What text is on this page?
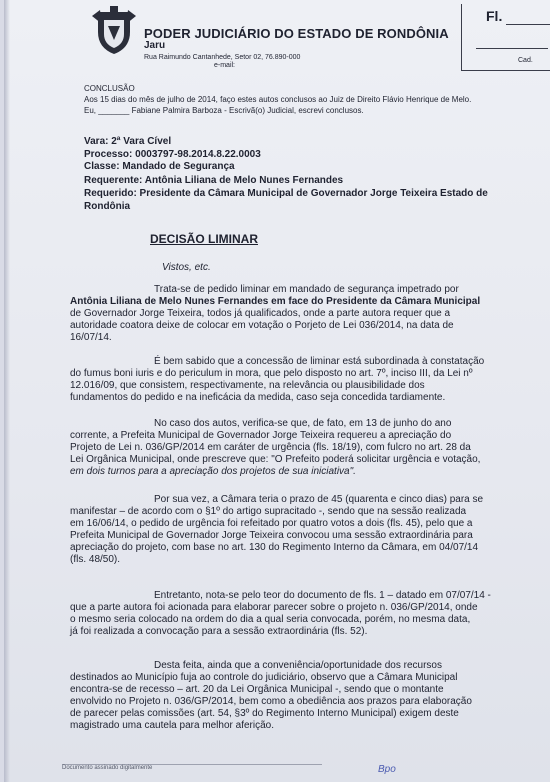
PODER JUDICIÁRIO DO ESTADO DE RONDÔNIA
Jaru
Rua Raimundo Cantanhede, Setor 02, 76.890-000
e-mail:
Fl.
Cad.
CONCLUSÃO
Aos 15 dias do mês de julho de 2014, faço estes autos conclusos ao Juiz de Direito Flávio Henrique de Melo.
Eu, _______ Fabiane Palmira Barboza - Escrivã(o) Judicial, escrevi conclusos.
Vara: 2ª Vara Cível
Processo: 0003797-98.2014.8.22.0003
Classe: Mandado de Segurança
Requerente: Antônia Liliana de Melo Nunes Fernandes
Requerido: Presidente da Câmara Municipal de Governador Jorge Teixeira Estado de
Rondônia
DECISÃO LIMINAR
Vistos, etc.
Trata-se de pedido liminar em mandado de segurança impetrado por
Antônia Liliana de Melo Nunes Fernandes em face do Presidente da Câmara Municipal
de Governador Jorge Teixeira, todos já qualificados, onde a parte autora requer que a
autoridade coatora deixe de colocar em votação o Porjeto de Lei 036/2014, na data de
16/07/14.
É bem sabido que a concessão de liminar está subordinada à constatação
do fumus boni iuris e do periculum in mora, que pelo disposto no art. 7º, inciso III, da Lei nº
12.016/09, que consistem, respectivamente, na relevância ou plausibilidade dos
fundamentos do pedido e na ineficácia da medida, caso seja concedida tardiamente.
No caso dos autos, verifica-se que, de fato, em 13 de junho do ano
corrente, a Prefeita Municipal de Governador Jorge Teixeira requereu a apreciação do
Projeto de Lei n. 036/GP/2014 em caráter de urgência (fls. 18/19), com fulcro no art. 28 da
Lei Orgânica Municipal, onde prescreve que: "O Prefeito poderá solicitar urgência e votação,
em dois turnos para a apreciação dos projetos de sua iniciativa".
Por sua vez, a Câmara teria o prazo de 45 (quarenta e cinco dias) para se
manifestar – de acordo com o §1º do artigo supracitado -, sendo que na sessão realizada
em 16/06/14, o pedido de urgência foi refeitado por quatro votos a dois (fls. 45), pelo que a
Prefeita Municipal de Governador Jorge Teixeira convocou uma sessão extraordinária para
apreciação do projeto, com base no art. 130 do Regimento Interno da Câmara, em 04/07/14
(fls. 48/50).
Entretanto, nota-se pelo teor do documento de fls. 1 – datado em 07/07/14 -
que a parte autora foi acionada para elaborar parecer sobre o projeto n. 036/GP/2014, onde
o mesmo seria colocado na ordem do dia a qual seria convocada, porém, no mesma data,
já foi realizada a convocação para a sessão extraordinária (fls. 52).
Desta feita, ainda que a conveniência/oportunidade dos recursos
destinados ao Município fuja ao controle do judiciário, observo que a Câmara Municipal
encontra-se de recesso – art. 20 da Lei Orgânica Municipal -, sendo que o montante
envolvido no Projeto n. 036/GP/2014, bem como a obediência aos prazos para elaboração
de parecer pelas comissões (art. 54, §3º do Regimento Interno Municipal) exigem deste
magistrado uma cautela para melhor aferição.
Documento assinado digitalmente	Bpo
